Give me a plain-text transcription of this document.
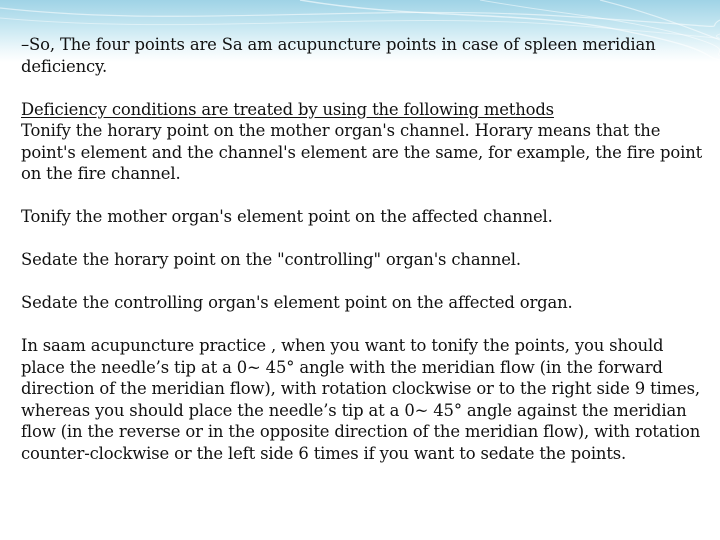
–So, The four points are Sa am acupuncture points in case of spleen meridian deficiency.

Deficiency conditions are treated by using the following methods

Tonify the horary point on the mother organ's channel. Horary means that the point's element and the channel's element are the same, for example, the fire point on the fire channel.

Tonify the mother organ's element point on the affected channel.

Sedate the horary point on the "controlling" organ's channel.

Sedate the controlling organ's element point on the affected organ.

In saam acupuncture practice , when you want to tonify the points, you should place the needle’s tip at a 0~ 45° angle with the meridian flow (in the forward direction of the meridian flow), with rotation clockwise or to the right side 9 times, whereas you should place the needle’s tip at a 0~ 45° angle against the meridian flow (in the reverse or in the opposite direction of the meridian flow), with rotation counter-clockwise or the left side 6 times if you want to sedate the points.
